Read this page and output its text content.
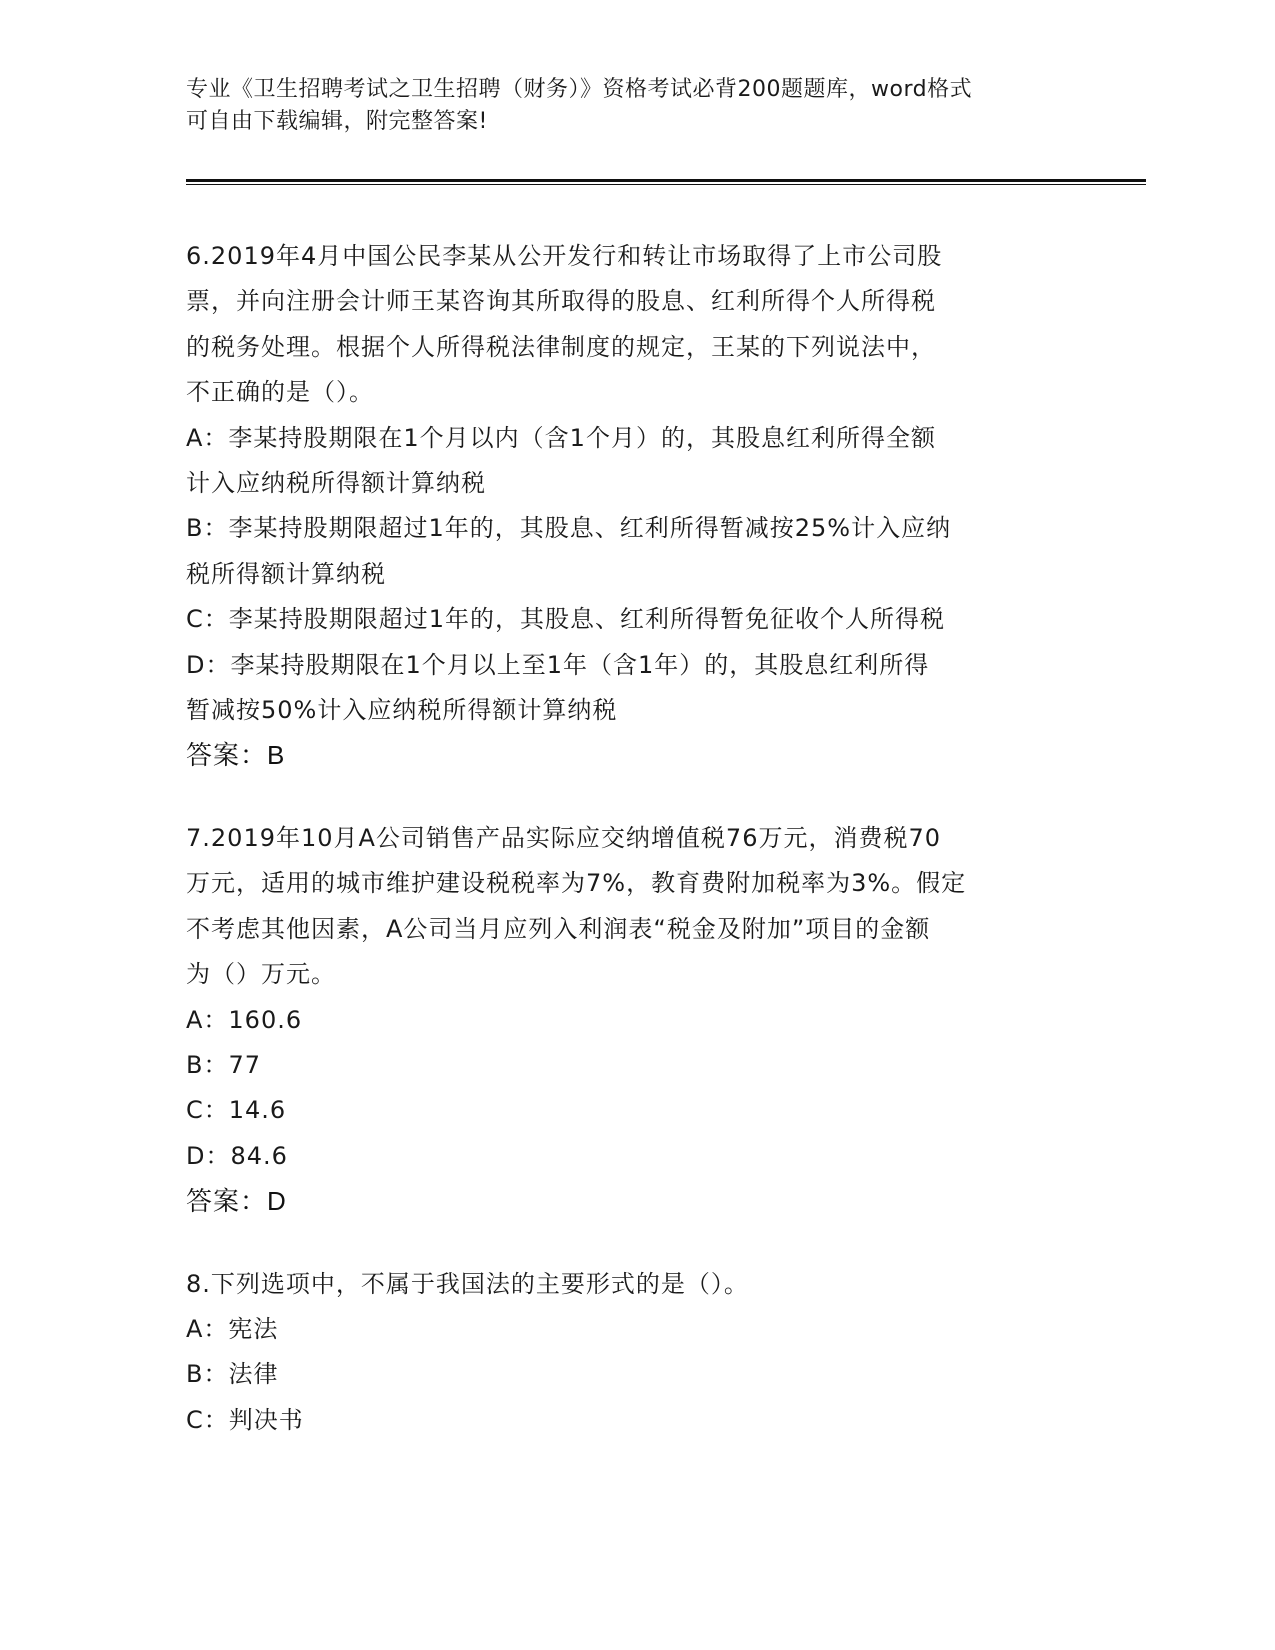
专业《卫生招聘考试之卫生招聘（财务）》资格考试必背200题题库，word格式
可自由下载编辑，附完整答案!
6.2019年4月中国公民李某从公开发行和转让市场取得了上市公司股
票，并向注册会计师王某咨询其所取得的股息、红利所得个人所得税
的税务处理。根据个人所得税法律制度的规定，王某的下列说法中，
不正确的是（）。
A：李某持股期限在1个月以内（含1个月）的，其股息红利所得全额
计入应纳税所得额计算纳税
B：李某持股期限超过1年的，其股息、红利所得暂减按25%计入应纳
税所得额计算纳税
C：李某持股期限超过1年的，其股息、红利所得暂免征收个人所得税
D：李某持股期限在1个月以上至1年（含1年）的，其股息红利所得
暂减按50%计入应纳税所得额计算纳税
答案：B
7.2019年10月A公司销售产品实际应交纳增值税76万元，消费税70
万元，适用的城市维护建设税税率为7%，教育费附加税率为3%。假定
不考虑其他因素，A公司当月应列入利润表“税金及附加”项目的金额
为（）万元。
A：160.6
B：77
C：14.6
D：84.6
答案：D
8.下列选项中，不属于我国法的主要形式的是（）。
A：宪法
B：法律
C：判决书
